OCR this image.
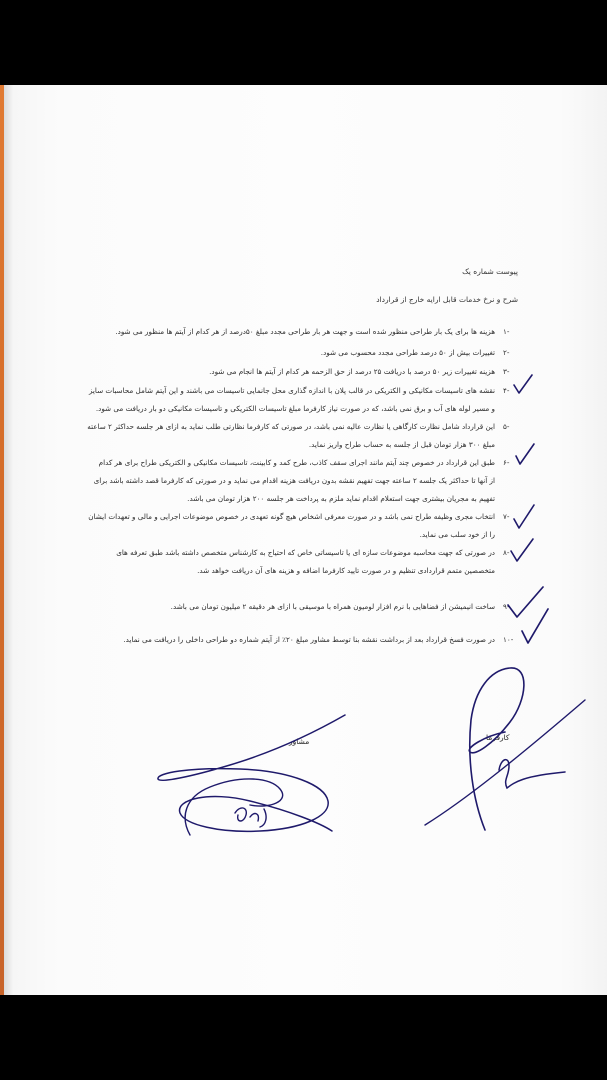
پیوست شماره یک
شرح و نرخ خدمات قابل ارایه خارج از قرارداد
۱-
هزینه ها برای یک بار طراحی منظور شده است و جهت هر بار طراحی مجدد مبلغ ۵۰درصد از هر کدام از آیتم ها منظور می شود.
۲-
تغییرات بیش از ۵۰ درصد طراحی مجدد محسوب می شود.
۳-
هزینه تغییرات زیر ۵۰ درصد با دریافت ۲۵ درصد از حق الزحمه هر کدام از آیتم ها انجام می شود.
۴-
نقشه های تاسیسات مکانیکی و الکتریکی در قالب پلان با اندازه گذاری محل جانمایی تاسیسات می باشند و این آیتم شامل محاسبات سایز
و مسیر لوله های آب و برق نمی باشد، که در صورت نیاز کارفرما مبلغ تاسیسات الکتریکی و تاسیسات مکانیکی دو بار دریافت می شود.
۵-
این قرارداد شامل نظارت کارگاهی یا نظارت عالیه نمی باشد، در صورتی که کارفرما نظارتی طلب نماید به ازای هر جلسه حداکثر ۲ ساعته
مبلغ ۳۰۰ هزار تومان قبل از جلسه به حساب طراح واریز نماید.
۶-
طبق این قرارداد در خصوص چند آیتم مانند اجرای سقف کاذب، طرح کمد و کابینت، تاسیسات مکانیکی و الکتریکی طراح برای هر کدام
از آنها تا حداکثر یک جلسه ۲ ساعته جهت تفهیم نقشه بدون دریافت هزینه اقدام می نماید و در صورتی که کارفرما قصد داشته باشد برای
تفهیم به مجریان بیشتری جهت استعلام اقدام نماید ملزم به پرداخت هر جلسه ۲۰۰ هزار تومان می باشد.
۷-
انتخاب مجری وظیفه طراح نمی باشد و در صورت معرفی اشخاص هیچ گونه تعهدی در خصوص موضوعات اجرایی و مالی و تعهدات ایشان
را از خود سلب می نماید.
۸-
در صورتی که جهت محاسبه موضوعات سازه ای یا تاسیساتی خاص که احتیاج به کارشناس متخصص داشته باشد طبق تعرفه های
متخصصین متمم قراردادی تنظیم و در صورت تایید کارفرما اضافه و هزینه های آن دریافت خواهد شد.
۹-
ساخت انیمیشن از فضاهایی با نرم افزار لومیون همراه با موسیقی با ازای هر دقیقه ۲ میلیون تومان می باشد.
۱۰-
در صورت فسخ قرارداد بعد از برداشت نقشه بنا توسط مشاور مبلغ ۲۰٪ از آیتم شماره دو طراحی داخلی را دریافت می نماید.
مشاور	کارفرما
